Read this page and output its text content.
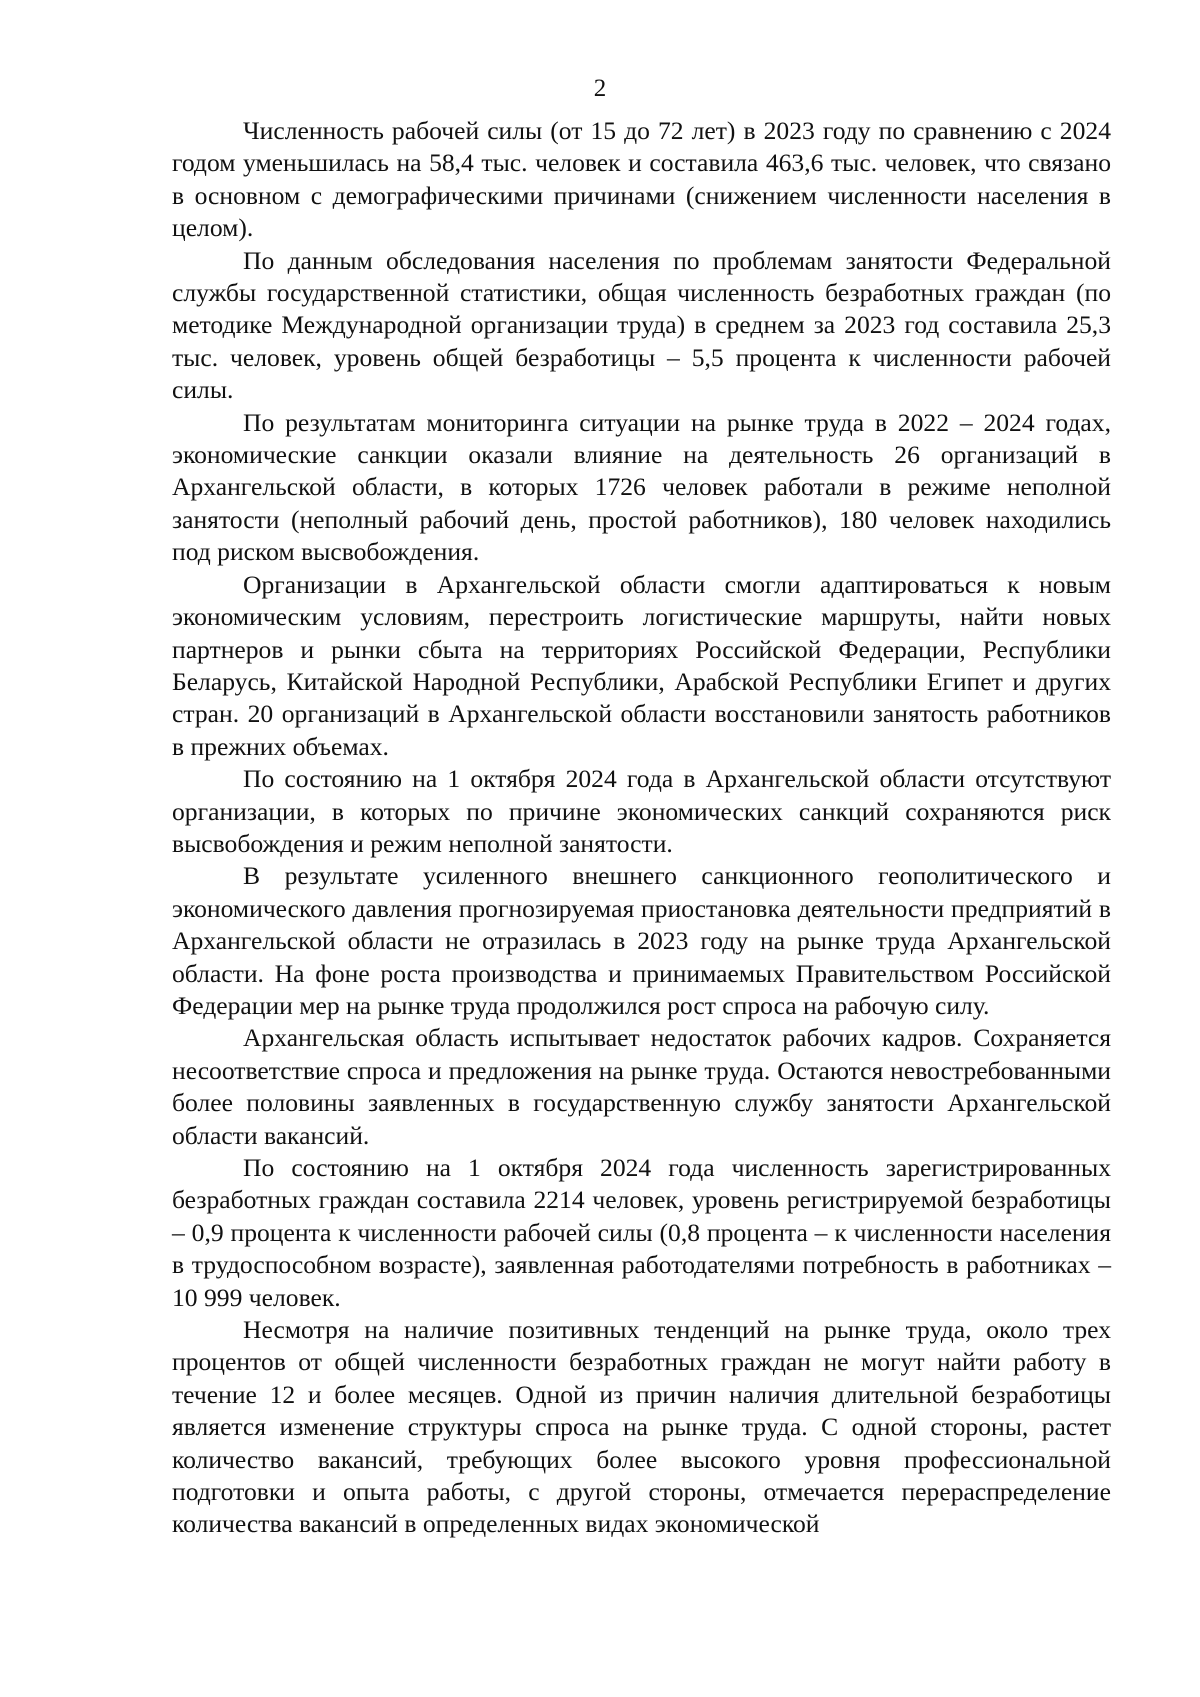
2

Численность рабочей силы (от 15 до 72 лет) в 2023 году по сравнению с 2024 годом уменьшилась на 58,4 тыс. человек и составила 463,6 тыс. человек, что связано в основном с демографическими причинами (снижением численности населения в целом).

По данным обследования населения по проблемам занятости Федеральной службы государственной статистики, общая численность безработных граждан (по методике Международной организации труда) в среднем за 2023 год составила 25,3 тыс. человек, уровень общей безработицы – 5,5 процента к численности рабочей силы.

По результатам мониторинга ситуации на рынке труда в 2022 – 2024 годах, экономические санкции оказали влияние на деятельность 26 организаций в Архангельской области, в которых 1726 человек работали в режиме неполной занятости (неполный рабочий день, простой работников), 180 человек находились под риском высвобождения.

Организации в Архангельской области смогли адаптироваться к новым экономическим условиям, перестроить логистические маршруты, найти новых партнеров и рынки сбыта на территориях Российской Федерации, Республики Беларусь, Китайской Народной Республики, Арабской Республики Египет и других стран. 20 организаций в Архангельской области восстановили занятость работников в прежних объемах.

По состоянию на 1 октября 2024 года в Архангельской области отсутствуют организации, в которых по причине экономических санкций сохраняются риск высвобождения и режим неполной занятости.

В результате усиленного внешнего санкционного геополитического и экономического давления прогнозируемая приостановка деятельности предприятий в Архангельской области не отразилась в 2023 году на рынке труда Архангельской области. На фоне роста производства и принимаемых Правительством Российской Федерации мер на рынке труда продолжился рост спроса на рабочую силу.

Архангельская область испытывает недостаток рабочих кадров. Сохраняется несоответствие спроса и предложения на рынке труда. Остаются невостребованными более половины заявленных в государственную службу занятости Архангельской области вакансий.

По состоянию на 1 октября 2024 года численность зарегистрированных безработных граждан составила 2214 человек, уровень регистрируемой безработицы – 0,9 процента к численности рабочей силы (0,8 процента – к численности населения в трудоспособном возрасте), заявленная работодателями потребность в работниках – 10 999 человек.

Несмотря на наличие позитивных тенденций на рынке труда, около трех процентов от общей численности безработных граждан не могут найти работу в течение 12 и более месяцев. Одной из причин наличия длительной безработицы является изменение структуры спроса на рынке труда. С одной стороны, растет количество вакансий, требующих более высокого уровня профессиональной подготовки и опыта работы, с другой стороны, отмечается перераспределение количества вакансий в определенных видах экономической
